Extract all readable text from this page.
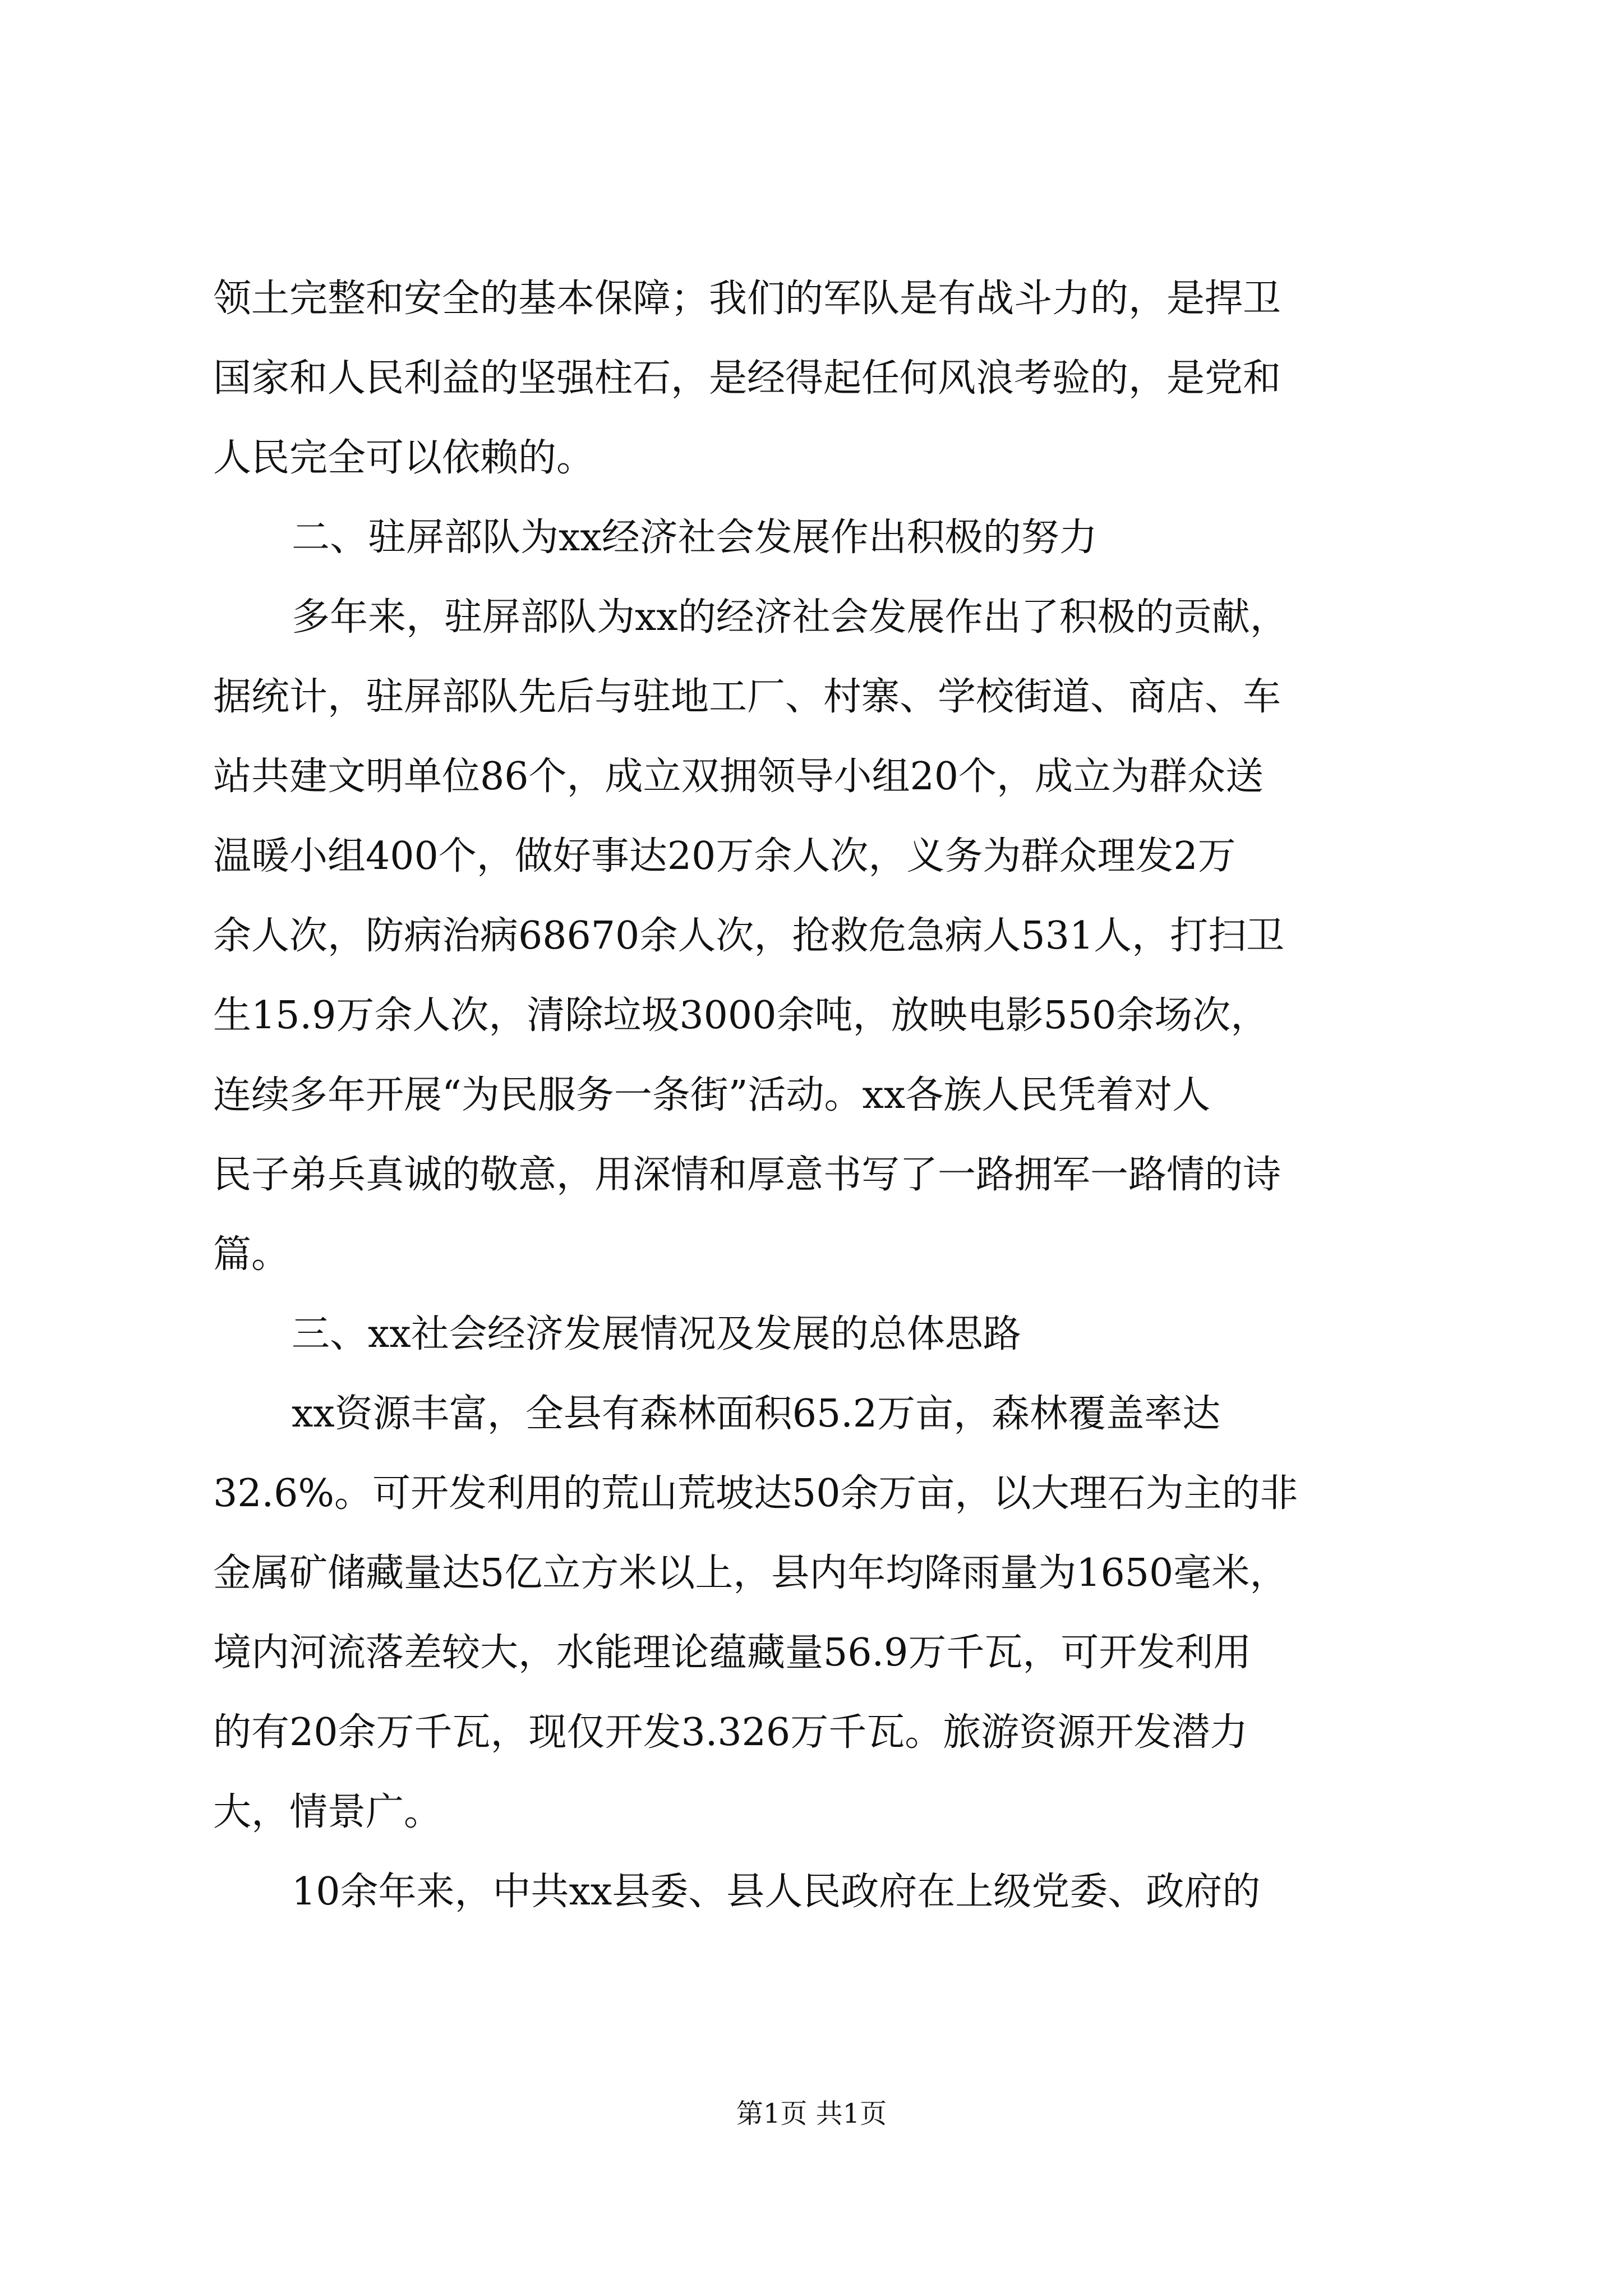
领土完整和安全的基本保障；我们的军队是有战斗力的，是捍卫
国家和人民利益的坚强柱石，是经得起任何风浪考验的，是党和
人民完全可以依赖的。
二、驻屏部队为xx经济社会发展作出积极的努力
多年来，驻屏部队为xx的经济社会发展作出了积极的贡献，
据统计，驻屏部队先后与驻地工厂、村寨、学校街道、商店、车
站共建文明单位86个，成立双拥领导小组20个，成立为群众送
温暖小组400个，做好事达20万余人次，义务为群众理发2万
余人次，防病治病68670余人次，抢救危急病人531人，打扫卫
生15.9万余人次，清除垃圾3000余吨，放映电影550余场次，
连续多年开展“为民服务一条街”活动。xx各族人民凭着对人
民子弟兵真诚的敬意，用深情和厚意书写了一路拥军一路情的诗
篇。
三、xx社会经济发展情况及发展的总体思路
xx资源丰富，全县有森林面积65.2万亩，森林覆盖率达
32.6%。可开发利用的荒山荒坡达50余万亩，以大理石为主的非
金属矿储藏量达5亿立方米以上，县内年均降雨量为1650毫米，
境内河流落差较大，水能理论蕴藏量56.9万千瓦，可开发利用
的有20余万千瓦，现仅开发3.326万千瓦。旅游资源开发潜力
大，情景广。
10余年来，中共xx县委、县人民政府在上级党委、政府的
第1页 共1页
